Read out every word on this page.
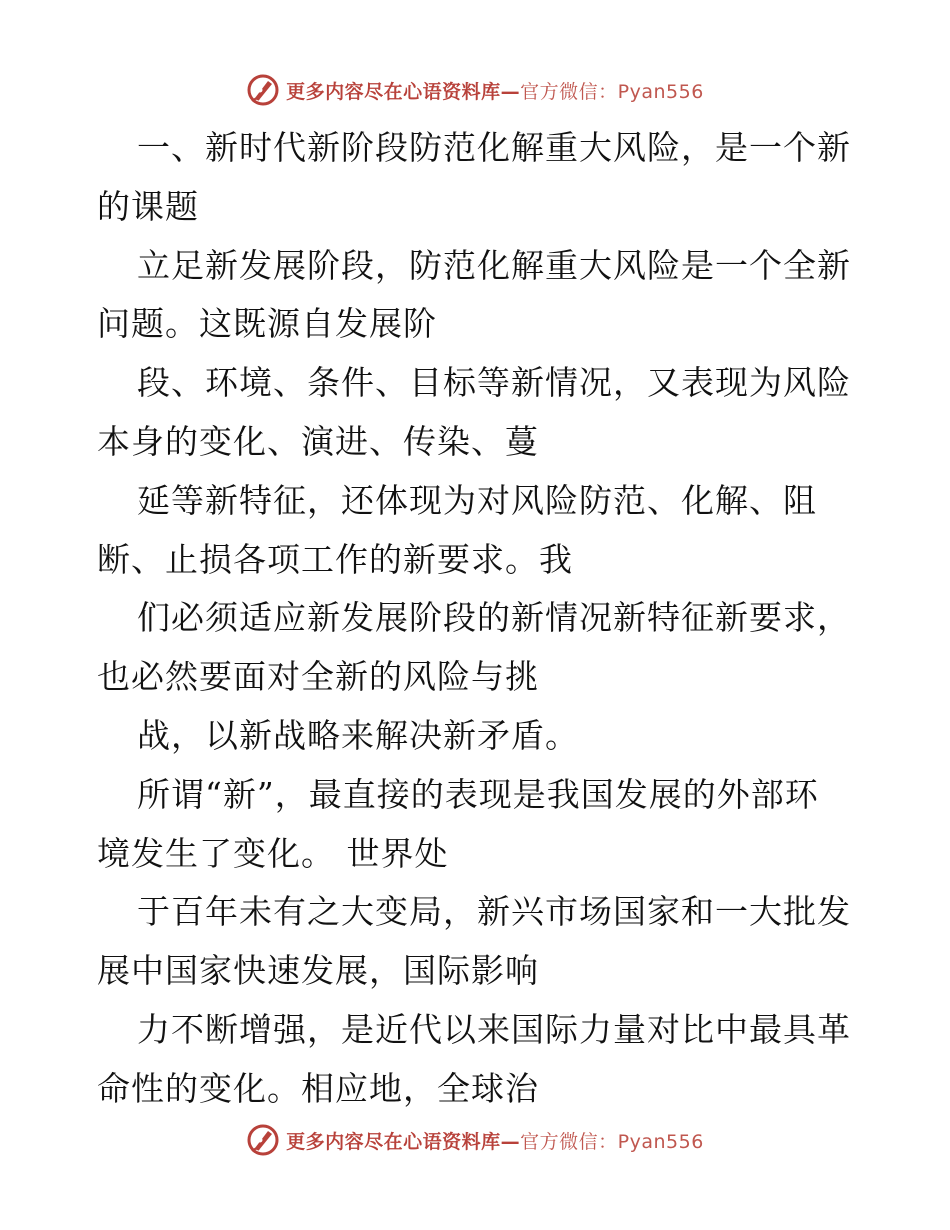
更多内容尽在心语资料库—官方微信：Pyan556
一、新时代新阶段防范化解重大风险，是一个新
的课题
立足新发展阶段，防范化解重大风险是一个全新
问题。这既源自发展阶
段、环境、条件、目标等新情况，又表现为风险
本身的变化、演进、传染、蔓
延等新特征，还体现为对风险防范、化解、阻
断、止损各项工作的新要求。我
们必须适应新发展阶段的新情况新特征新要求，
也必然要面对全新的风险与挑
战，以新战略来解决新矛盾。
所谓“新”，最直接的表现是我国发展的外部环
境发生了变化。 世界处
于百年未有之大变局，新兴市场国家和一大批发
展中国家快速发展，国际影响
力不断增强，是近代以来国际力量对比中最具革
命性的变化。相应地，全球治
更多内容尽在心语资料库—官方微信：Pyan556
